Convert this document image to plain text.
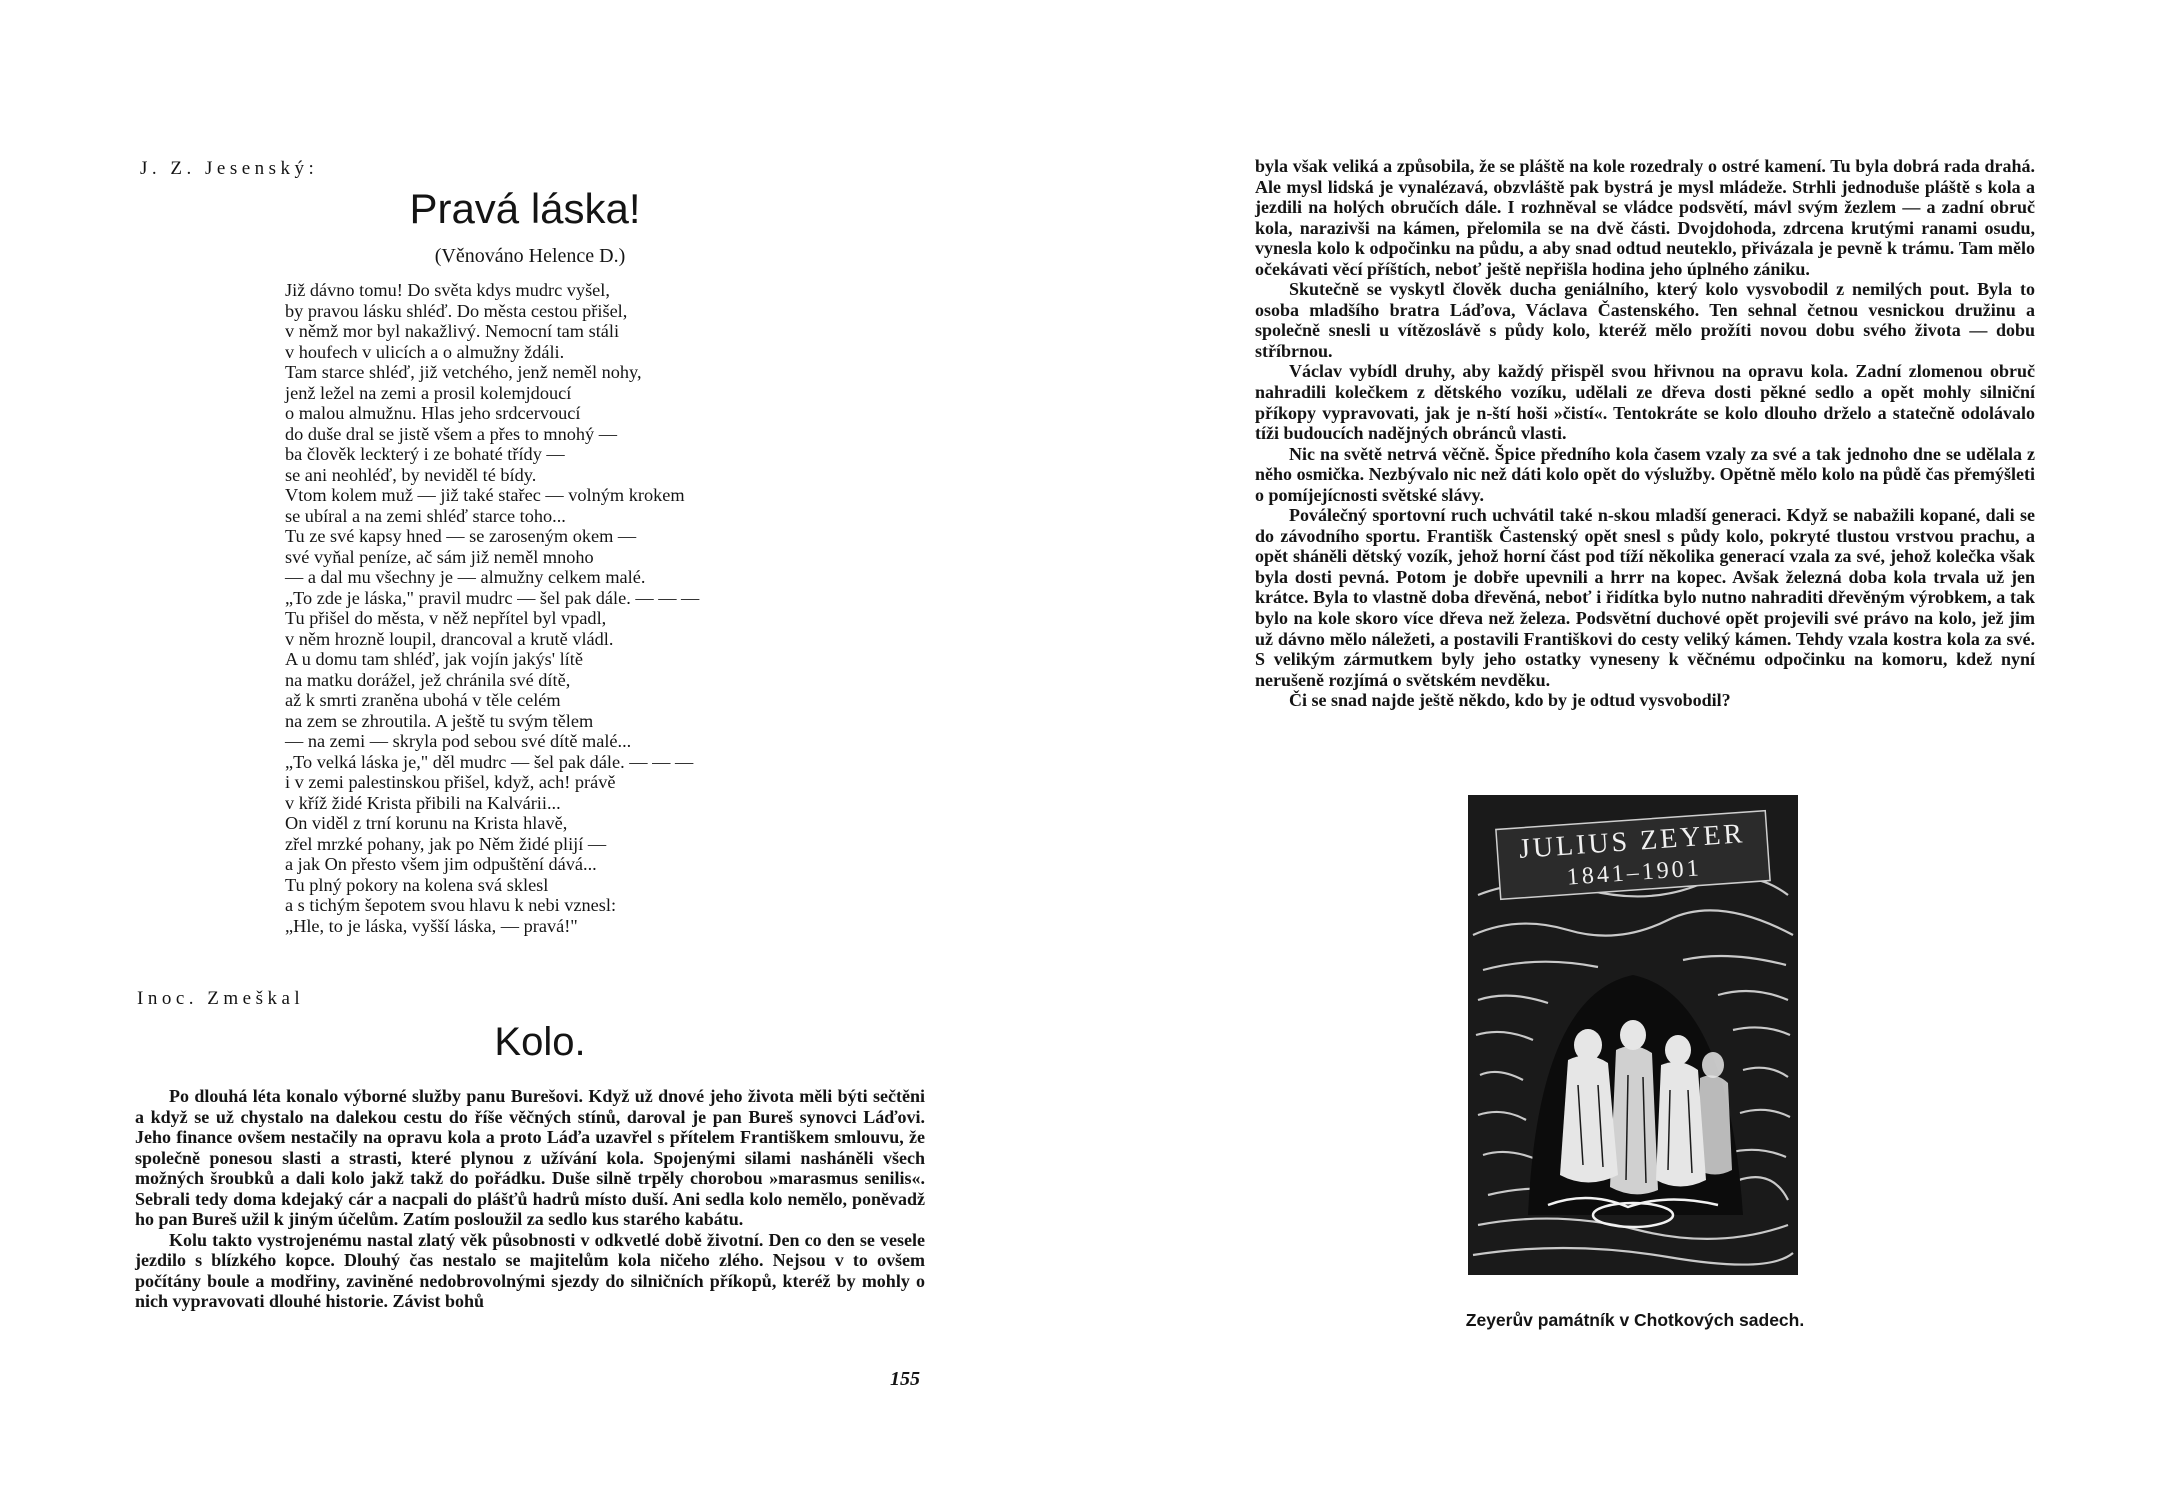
J. Z. Jesenský:
Pravá láska!
(Věnováno Helence D.)
Již dávno tomu! Do světa kdys mudrc vyšel,
by pravou lásku shléď. Do města cestou přišel,
v němž mor byl nakažlivý. Nemocní tam stáli
v houfech v ulicích a o almužny ždáli.
Tam starce shléď, již vetchého, jenž neměl nohy,
jenž ležel na zemi a prosil kolemjdoucí
o malou almužnu. Hlas jeho srdcervoucí
do duše dral se jistě všem a přes to mnohý —
ba člověk leckterý i ze bohaté třídy —
se ani neohléď, by neviděl té bídy.
Vtom kolem muž — již také stařec — volným krokem
se ubíral a na zemi shléď starce toho...
Tu ze své kapsy hned — se zaroseným okem —
své vyňal peníze, ač sám již neměl mnoho
— a dal mu všechny je — almužny celkem malé.
„To zde je láska," pravil mudrc — šel pak dále. — — —
Tu přišel do města, v něž nepřítel byl vpadl,
v něm hrozně loupil, drancoval a krutě vládl.
A u domu tam shléď, jak vojín jakýs' lítě
na matku dorážel, jež chránila své dítě,
až k smrti zraněna ubohá v těle celém
na zem se zhroutila. A ještě tu svým tělem
— na zemi — skryla pod sebou své dítě malé...
„To velká láska je," děl mudrc — šel pak dále. — — —
i v zemi palestinskou přišel, když, ach! právě
v kříž židé Krista přibili na Kalvárii...
On viděl z trní korunu na Krista hlavě,
zřel mrzké pohany, jak po Něm židé plijí —
a jak On přesto všem jim odpuštění dává...
Tu plný pokory na kolena svá sklesl
a s tichým šepotem svou hlavu k nebi vznesl:
„Hle, to je láska, vyšší láska, — pravá!"
Inoc. Zmeškal
Kolo.

Po dlouhá léta konalo výborné služby panu Burešovi. Když už dnové jeho života měli býti sečtěni a když se už chystalo na dalekou cestu do říše věčných stínů, daroval je pan Bureš synovci Láďovi. Jeho finance ovšem nestačily na opravu kola a proto Láďa uzavřel s přítelem Františkem smlouvu, že společně ponesou slasti a strasti, které plynou z užívání kola. Spojenými silami nasháněli všech možných šroubků a dali kolo jakž takž do pořádku. Duše silně trpěly chorobou »marasmus senilis«. Sebrali tedy doma kdejaký cár a nacpali do plášťů hadrů místo duší. Ani sedla kolo nemělo, poněvadž ho pan Bureš užil k jiným účelům. Zatím posloužil za sedlo kus starého kabátu.

Kolu takto vystrojenému nastal zlatý věk působnosti v odkvetlé době životní. Den co den se vesele jezdilo s blízkého kopce. Dlouhý čas nestalo se majitelům kola ničeho zlého. Nejsou v to ovšem počítány boule a modřiny, zaviněné nedobrovolnými sjezdy do silničních příkopů, kteréž by mohly o nich vypravovati dlouhé historie. Závist bohů

155

byla však veliká a způsobila, že se pláště na kole rozedraly o ostré kamení. Tu byla dobrá rada drahá. Ale mysl lidská je vynalézavá, obzvláště pak bystrá je mysl mládeže. Strhli jednoduše pláště s kola a jezdili na holých obručích dále. I rozhněval se vládce podsvětí, mávl svým žezlem — a zadní obruč kola, narazivši na kámen, přelomila se na dvě části. Dvojdohoda, zdrcena krutými ranami osudu, vynesla kolo k odpočinku na půdu, a aby snad odtud neuteklo, přivázala je pevně k trámu. Tam mělo očekávati věcí příštích, neboť ještě nepřišla hodina jeho úplného zániku.

Skutečně se vyskytl člověk ducha geniálního, který kolo vysvobodil z nemilých pout. Byla to osoba mladšího bratra Láďova, Václava Častenského. Ten sehnal četnou vesnickou družinu a společně snesli u vítězoslávě s půdy kolo, kteréž mělo prožíti novou dobu svého života — dobu stříbrnou.

Václav vybídl druhy, aby každý přispěl svou hřivnou na opravu kola. Zadní zlomenou obruč nahradili kolečkem z dětského vozíku, udělali ze dřeva dosti pěkné sedlo a opět mohly silniční příkopy vypravovati, jak je n-ští hoši »čistí«. Tentokráte se kolo dlouho drželo a statečně odolávalo tíži budoucích nadějných obránců vlasti.

Nic na světě netrvá věčně. Špice předního kola časem vzaly za své a tak jednoho dne se udělala z něho osmička. Nezbývalo nic než dáti kolo opět do výslužby. Opětně mělo kolo na půdě čas přemýšleti o pomíjejícnosti světské slávy.

Poválečný sportovní ruch uchvátil také n-skou mladší generaci. Když se nabažili kopané, dali se do závodního sportu. Františk Častenský opět snesl s půdy kolo, pokryté tlustou vrstvou prachu, a opět sháněli dětský vozík, jehož horní část pod tíží několika generací vzala za své, jehož kolečka však byla dosti pevná. Potom je dobře upevnili a hrrr na kopec. Avšak železná doba kola trvala už jen krátce. Byla to vlastně doba dřevěná, neboť i řidítka bylo nutno nahraditi dřevěným výrobkem, a tak bylo na kole skoro více dřeva než železa. Podsvětní duchové opět projevili své právo na kolo, jež jim už dávno mělo náležeti, a postavili Františkovi do cesty veliký kámen. Tehdy vzala kostra kola za své. S velikým zármutkem byly jeho ostatky vyneseny k věčnému odpočinku na komoru, kdež nyní nerušeně rozjímá o světském nevděku.

Či se snad najde ještě někdo, kdo by je odtud vysvobodil?

JULIUS ZEYER
1841–1901
Zeyerův památník v Chotkových sadech.
